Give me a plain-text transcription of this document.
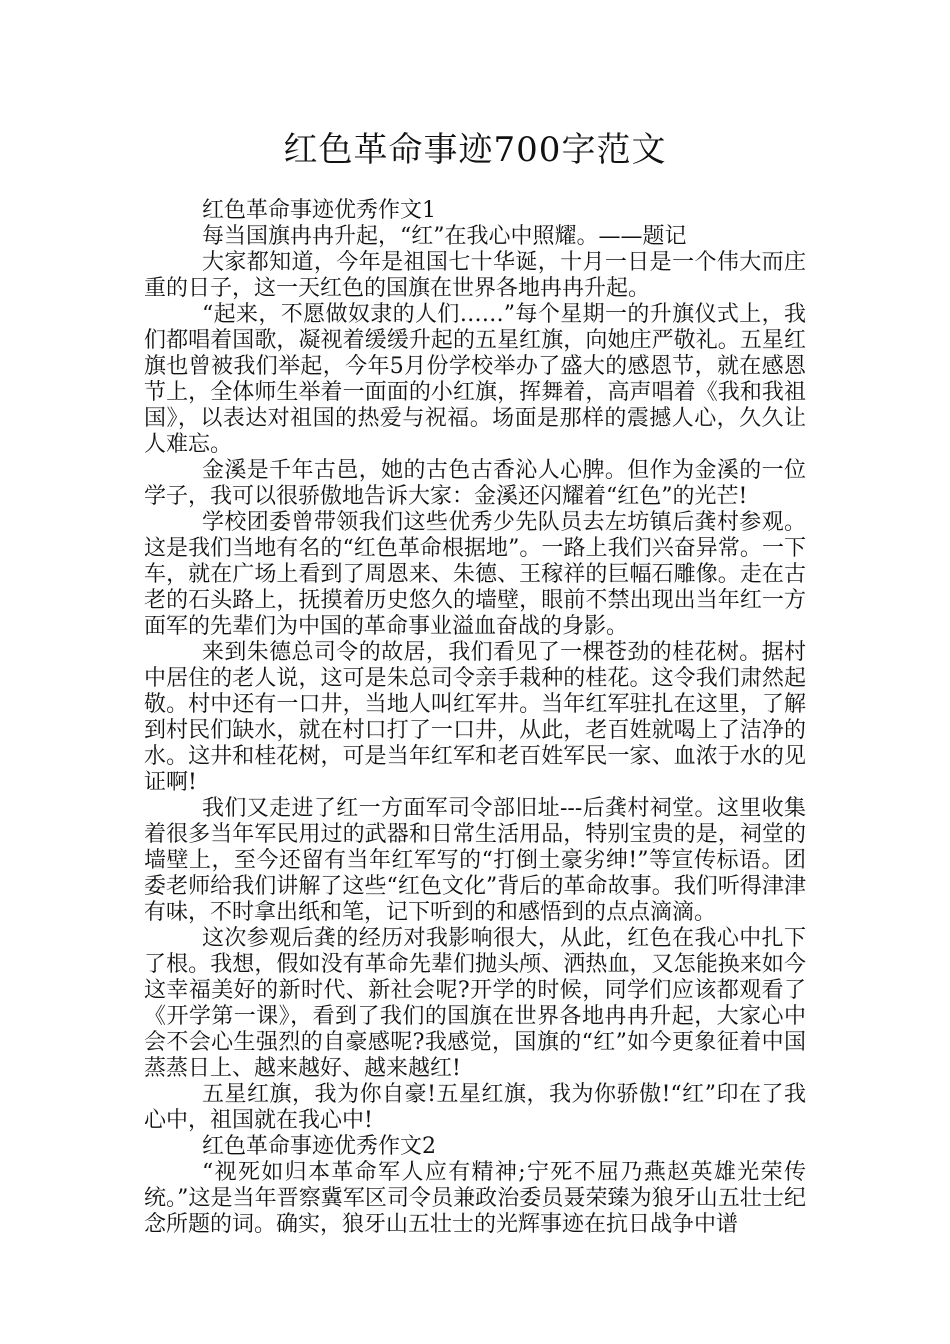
红色革命事迹700字范文

红色革命事迹优秀作文1

每当国旗冉冉升起，“红”在我心中照耀。——题记

大家都知道，今年是祖国七十华诞，十月一日是一个伟大而庄重的日子，这一天红色的国旗在世界各地冉冉升起。

“起来，不愿做奴隶的人们……”每个星期一的升旗仪式上，我们都唱着国歌，凝视着缓缓升起的五星红旗，向她庄严敬礼。五星红旗也曾被我们举起，今年5月份学校举办了盛大的感恩节，就在感恩节上，全体师生举着一面面的小红旗，挥舞着，高声唱着《我和我祖国》，以表达对祖国的热爱与祝福。场面是那样的震撼人心，久久让人难忘。

金溪是千年古邑，她的古色古香沁人心脾。但作为金溪的一位学子，我可以很骄傲地告诉大家：金溪还闪耀着“红色”的光芒!

学校团委曾带领我们这些优秀少先队员去左坊镇后龚村参观。这是我们当地有名的“红色革命根据地”。一路上我们兴奋异常。一下车，就在广场上看到了周恩来、朱德、王稼祥的巨幅石雕像。走在古老的石头路上，抚摸着历史悠久的墙壁，眼前不禁出现出当年红一方面军的先辈们为中国的革命事业溢血奋战的身影。

来到朱德总司令的故居，我们看见了一棵苍劲的桂花树。据村中居住的老人说，这可是朱总司令亲手栽种的桂花。这令我们肃然起敬。村中还有一口井，当地人叫红军井。当年红军驻扎在这里，了解到村民们缺水，就在村口打了一口井，从此，老百姓就喝上了洁净的水。这井和桂花树，可是当年红军和老百姓军民一家、血浓于水的见证啊!

我们又走进了红一方面军司令部旧址---后龚村祠堂。这里收集着很多当年军民用过的武器和日常生活用品，特别宝贵的是，祠堂的墙壁上，至今还留有当年红军写的“打倒土豪劣绅!”等宣传标语。团委老师给我们讲解了这些“红色文化”背后的革命故事。我们听得津津有味，不时拿出纸和笔，记下听到的和感悟到的点点滴滴。

这次参观后龚的经历对我影响很大，从此，红色在我心中扎下了根。我想，假如没有革命先辈们抛头颅、洒热血，又怎能换来如今这幸福美好的新时代、新社会呢?开学的时候，同学们应该都观看了《开学第一课》，看到了我们的国旗在世界各地冉冉升起，大家心中会不会心生强烈的自豪感呢?我感觉，国旗的“红”如今更象征着中国蒸蒸日上、越来越好、越来越红!

五星红旗，我为你自豪!五星红旗，我为你骄傲!“红”印在了我心中，祖国就在我心中!

红色革命事迹优秀作文2

“视死如归本革命军人应有精神;宁死不屈乃燕赵英雄光荣传统。”这是当年晋察冀军区司令员兼政治委员聂荣臻为狼牙山五壮士纪念所题的词。确实，狼牙山五壮士的光辉事迹在抗日战争中谱
